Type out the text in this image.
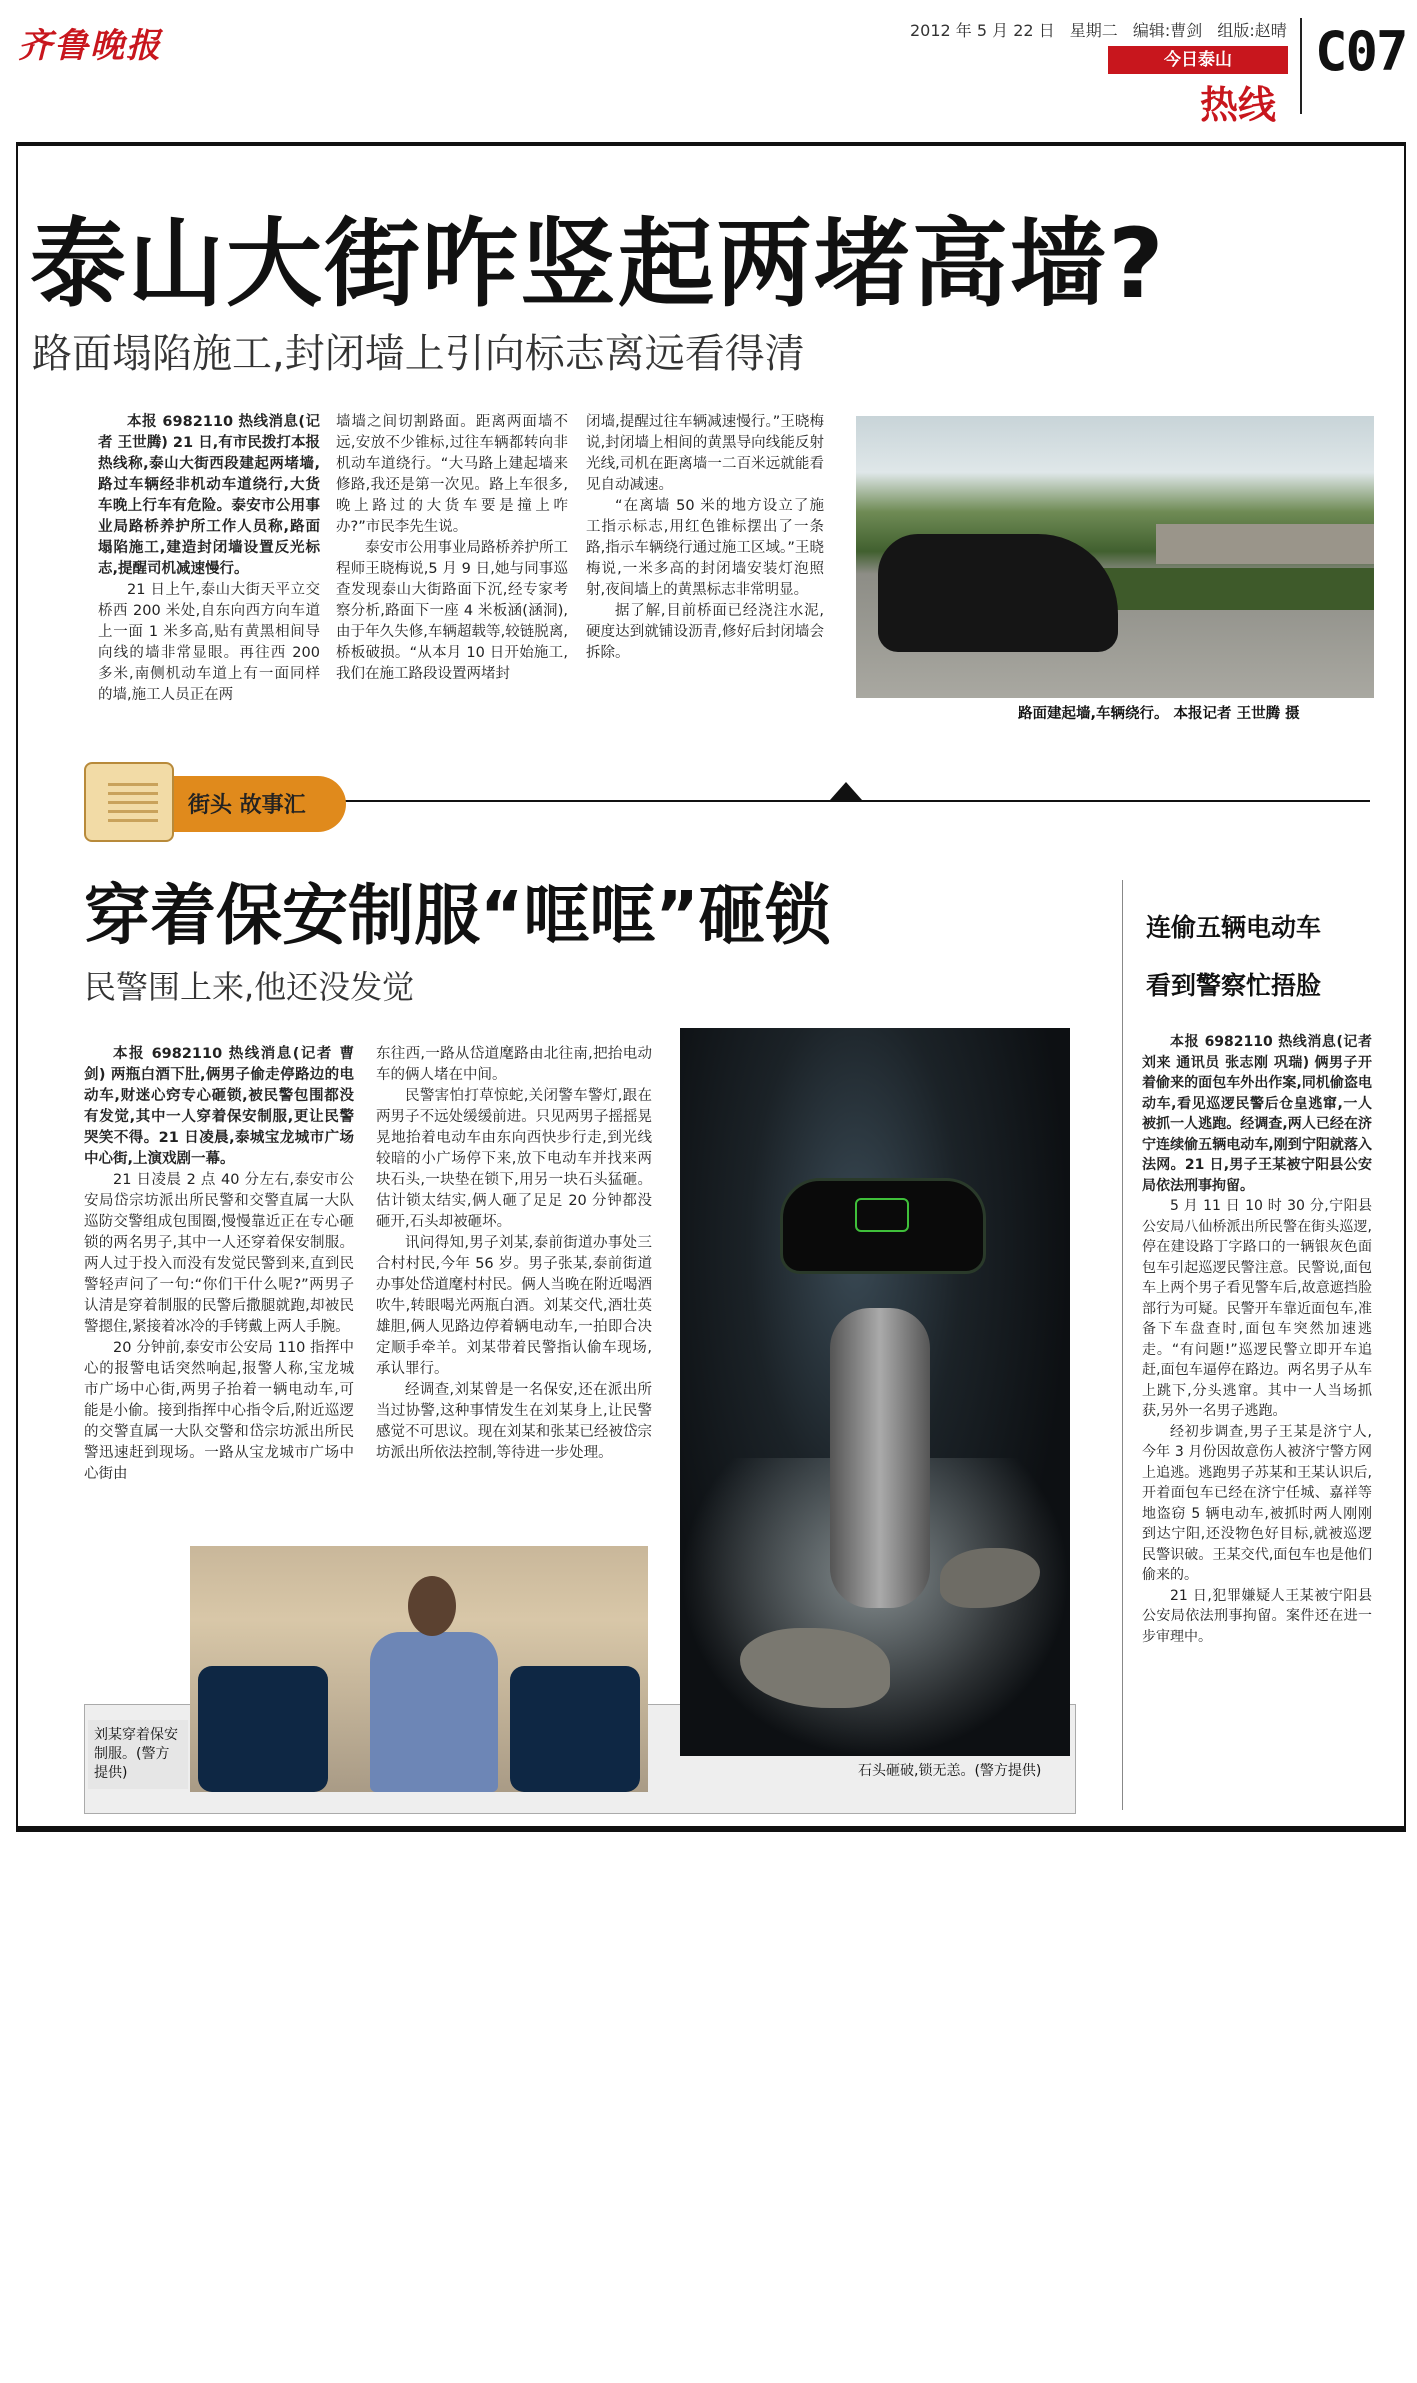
齐鲁晚报	2012 年 5 月 22 日 星期二 编辑:曹剑 组版:赵晴
今日泰山
热线
C07
泰山大街咋竖起两堵高墙?
路面塌陷施工,封闭墙上引向标志离远看得清

本报 6982110 热线消息(记者 王世腾) 21 日,有市民拨打本报热线称,泰山大街西段建起两堵墙,路过车辆经非机动车道绕行,大货车晚上行车有危险。泰安市公用事业局路桥养护所工作人员称,路面塌陷施工,建造封闭墙设置反光标志,提醒司机减速慢行。

21 日上午,泰山大街天平立交桥西 200 米处,自东向西方向车道上一面 1 米多高,贴有黄黑相间导向线的墙非常显眼。再往西 200 多米,南侧机动车道上有一面同样的墙,施工人员正在两

墙墙之间切割路面。距离两面墙不远,安放不少锥标,过往车辆都转向非机动车道绕行。“大马路上建起墙来修路,我还是第一次见。路上车很多,晚上路过的大货车要是撞上咋办?”市民李先生说。

泰安市公用事业局路桥养护所工程师王晓梅说,5 月 9 日,她与同事巡查发现泰山大街路面下沉,经专家考察分析,路面下一座 4 米板涵(涵洞),由于年久失修,车辆超载等,较链脱离,桥板破损。“从本月 10 日开始施工,我们在施工路段设置两堵封

闭墙,提醒过往车辆减速慢行。”王晓梅说,封闭墙上相间的黄黑导向线能反射光线,司机在距离墙一二百米远就能看见自动减速。

“在离墙 50 米的地方设立了施工指示标志,用红色锥标摆出了一条路,指示车辆绕行通过施工区域。”王晓梅说,一米多高的封闭墙安装灯泡照射,夜间墙上的黄黑标志非常明显。

据了解,目前桥面已经浇注水泥,硬度达到就铺设沥青,修好后封闭墙会拆除。

路面建起墙,车辆绕行。 本报记者 王世腾 摄
街头 故事汇
穿着保安制服“哐哐”砸锁
民警围上来,他还没发觉

本报 6982110 热线消息(记者 曹剑) 两瓶白酒下肚,俩男子偷走停路边的电动车,财迷心窍专心砸锁,被民警包围都没有发觉,其中一人穿着保安制服,更让民警哭笑不得。21 日凌晨,泰城宝龙城市广场中心街,上演戏剧一幕。

21 日凌晨 2 点 40 分左右,泰安市公安局岱宗坊派出所民警和交警直属一大队巡防交警组成包围圈,慢慢靠近正在专心砸锁的两名男子,其中一人还穿着保安制服。两人过于投入而没有发觉民警到来,直到民警轻声问了一句:“你们干什么呢?”两男子认清是穿着制服的民警后撒腿就跑,却被民警摁住,紧接着冰冷的手铐戴上两人手腕。

20 分钟前,泰安市公安局 110 指挥中心的报警电话突然响起,报警人称,宝龙城市广场中心街,两男子抬着一辆电动车,可能是小偷。接到指挥中心指令后,附近巡逻的交警直属一大队交警和岱宗坊派出所民警迅速赶到现场。一路从宝龙城市广场中心街由

东往西,一路从岱道麾路由北往南,把抬电动车的俩人堵在中间。

民警害怕打草惊蛇,关闭警车警灯,跟在两男子不远处缓缓前进。只见两男子摇摇晃晃地抬着电动车由东向西快步行走,到光线较暗的小广场停下来,放下电动车并找来两块石头,一块垫在锁下,用另一块石头猛砸。估计锁太结实,俩人砸了足足 20 分钟都没砸开,石头却被砸坏。

讯问得知,男子刘某,泰前街道办事处三合村村民,今年 56 岁。男子张某,泰前街道办事处岱道麾村村民。俩人当晚在附近喝酒吹牛,转眼喝光两瓶白酒。刘某交代,酒壮英雄胆,俩人见路边停着辆电动车,一拍即合决定顺手牵羊。刘某带着民警指认偷车现场,承认罪行。

经调查,刘某曾是一名保安,还在派出所当过协警,这种事情发生在刘某身上,让民警感觉不可思议。现在刘某和张某已经被岱宗坊派出所依法控制,等待进一步处理。

石头砸破,锁无恙。(警方提供)
刘某穿着保安制服。(警方提供)
连偷五辆电动车
看到警察忙捂脸

本报 6982110 热线消息(记者 刘来 通讯员 张志刚 巩瑞) 俩男子开着偷来的面包车外出作案,同机偷盗电动车,看见巡逻民警后仓皇逃窜,一人被抓一人逃跑。经调查,两人已经在济宁连续偷五辆电动车,刚到宁阳就落入法网。21 日,男子王某被宁阳县公安局依法刑事拘留。

5 月 11 日 10 时 30 分,宁阳县公安局八仙桥派出所民警在街头巡逻,停在建设路丁字路口的一辆银灰色面包车引起巡逻民警注意。民警说,面包车上两个男子看见警车后,故意遮挡脸部行为可疑。民警开车靠近面包车,准备下车盘查时,面包车突然加速逃走。“有问题!”巡逻民警立即开车追赶,面包车逼停在路边。两名男子从车上跳下,分头逃窜。其中一人当场抓获,另外一名男子逃跑。

经初步调查,男子王某是济宁人,今年 3 月份因故意伤人被济宁警方网上追逃。逃跑男子苏某和王某认识后,开着面包车已经在济宁任城、嘉祥等地盗窃 5 辆电动车,被抓时两人刚刚到达宁阳,还没物色好目标,就被巡逻民警识破。王某交代,面包车也是他们偷来的。

21 日,犯罪嫌疑人王某被宁阳县公安局依法刑事拘留。案件还在进一步审理中。
